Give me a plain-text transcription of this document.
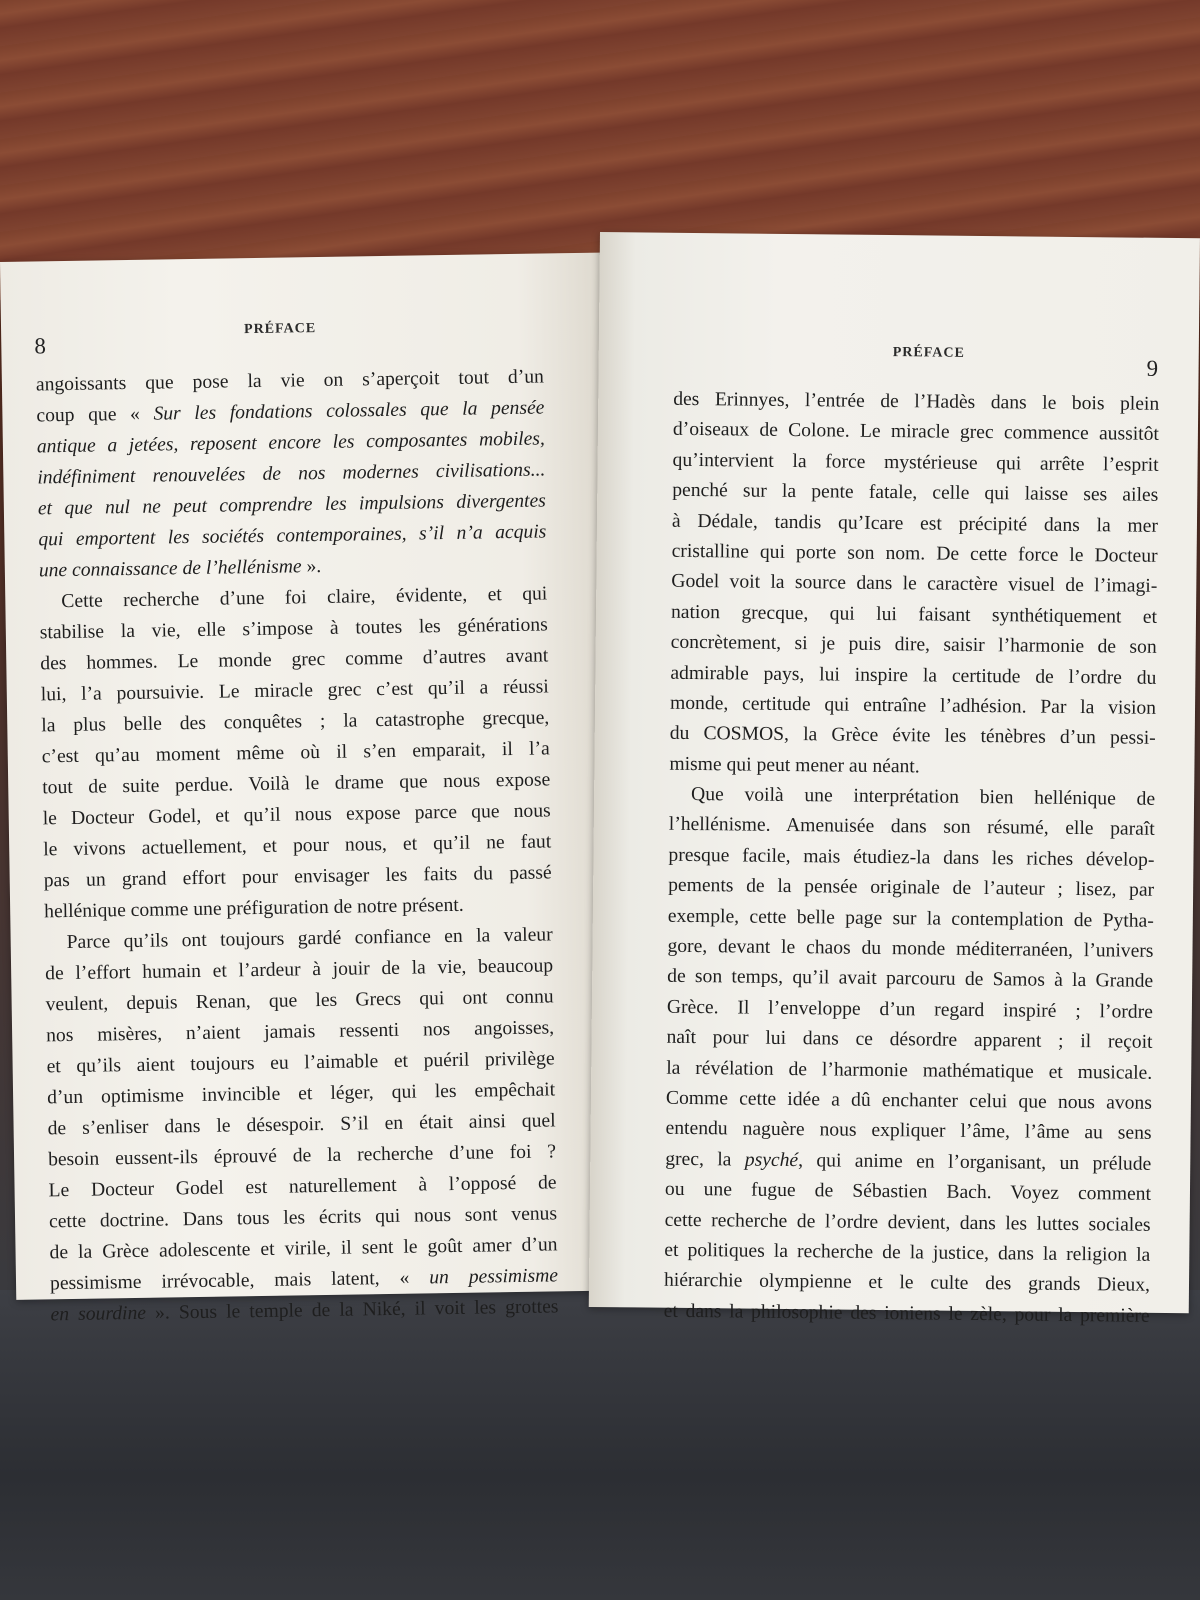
8
PRÉFACE
angoissants que pose la vie on s’aperçoit tout d’un
coup que « Sur les fondations colossales que la pensée
antique a jetées, reposent encore les composantes mobiles,
indéfiniment renouvelées de nos modernes civilisations...
et que nul ne peut comprendre les impulsions divergentes
qui emportent les sociétés contemporaines, s’il n’a acquis
une connaissance de l’hellénisme ».
Cette recherche d’une foi claire, évidente, et qui
stabilise la vie, elle s’impose à toutes les générations
des hommes. Le monde grec comme d’autres avant
lui, l’a poursuivie. Le miracle grec c’est qu’il a réussi
la plus belle des conquêtes ; la catastrophe grecque,
c’est qu’au moment même où il s’en emparait, il l’a
tout de suite perdue. Voilà le drame que nous expose
le Docteur Godel, et qu’il nous expose parce que nous
le vivons actuellement, et pour nous, et qu’il ne faut
pas un grand effort pour envisager les faits du passé
hellénique comme une préfiguration de notre présent.
Parce qu’ils ont toujours gardé confiance en la valeur
de l’effort humain et l’ardeur à jouir de la vie, beaucoup
veulent, depuis Renan, que les Grecs qui ont connu
nos misères, n’aient jamais ressenti nos angoisses,
et qu’ils aient toujours eu l’aimable et puéril privilège
d’un optimisme invincible et léger, qui les empêchait
de s’enliser dans le désespoir. S’il en était ainsi quel
besoin eussent-ils éprouvé de la recherche d’une foi ?
Le Docteur Godel est naturellement à l’opposé de
cette doctrine. Dans tous les écrits qui nous sont venus
de la Grèce adolescente et virile, il sent le goût amer d’un
pessimisme irrévocable, mais latent, « un pessimisme
en sourdine ». Sous le temple de la Niké, il voit les grottes
PRÉFACE
9
des Erinnyes, l’entrée de l’Hadès dans le bois plein
d’oiseaux de Colone. Le miracle grec commence aussitôt
qu’intervient la force mystérieuse qui arrête l’esprit
penché sur la pente fatale, celle qui laisse ses ailes
à Dédale, tandis qu’Icare est précipité dans la mer
cristalline qui porte son nom. De cette force le Docteur
Godel voit la source dans le caractère visuel de l’imagi-
nation grecque, qui lui faisant synthétiquement et
concrètement, si je puis dire, saisir l’harmonie de son
admirable pays, lui inspire la certitude de l’ordre du
monde, certitude qui entraîne l’adhésion. Par la vision
du COSMOS, la Grèce évite les ténèbres d’un pessi-
misme qui peut mener au néant.
Que voilà une interprétation bien hellénique de
l’hellénisme. Amenuisée dans son résumé, elle paraît
presque facile, mais étudiez-la dans les riches dévelop-
pements de la pensée originale de l’auteur ; lisez, par
exemple, cette belle page sur la contemplation de Pytha-
gore, devant le chaos du monde méditerranéen, l’univers
de son temps, qu’il avait parcouru de Samos à la Grande
Grèce. Il l’enveloppe d’un regard inspiré ; l’ordre
naît pour lui dans ce désordre apparent ; il reçoit
la révélation de l’harmonie mathématique et musicale.
Comme cette idée a dû enchanter celui que nous avons
entendu naguère nous expliquer l’âme, l’âme au sens
grec, la psyché, qui anime en l’organisant, un prélude
ou une fugue de Sébastien Bach. Voyez comment
cette recherche de l’ordre devient, dans les luttes sociales
et politiques la recherche de la justice, dans la religion la
hiérarchie olympienne et le culte des grands Dieux,
et dans la philosophie des ioniens le zèle, pour la première
